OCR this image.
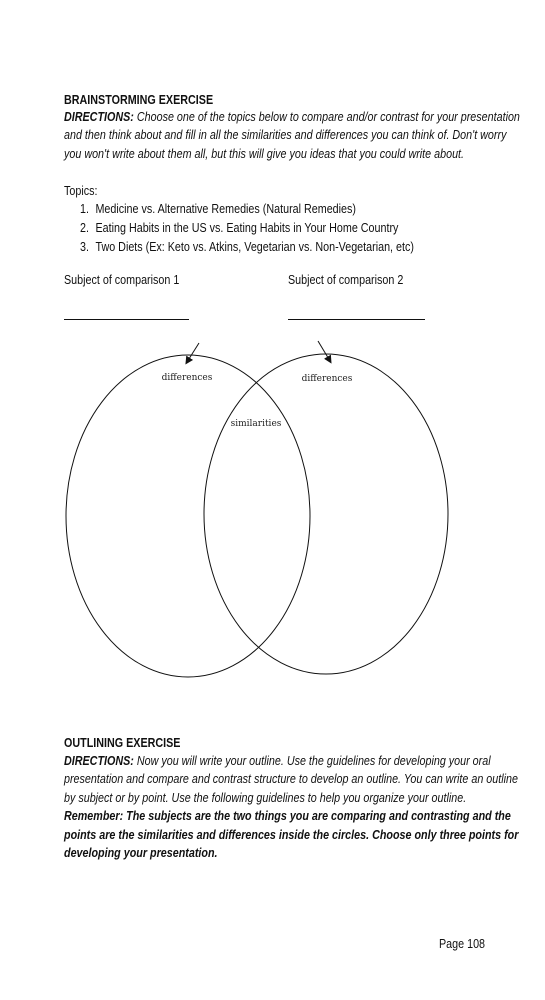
BRAINSTORMING EXERCISE
DIRECTIONS: Choose one of the topics below to compare and/or contrast for your presentation
and then think about and fill in all the similarities and differences you can think of. Don't worry
you won't write about them all, but this will give you ideas that you could write about.
Topics:
1. Medicine vs. Alternative Remedies (Natural Remedies)
2. Eating Habits in the US vs. Eating Habits in Your Home Country
3. Two Diets (Ex: Keto vs. Atkins, Vegetarian vs. Non-Vegetarian, etc)
Subject of comparison 1	Subject of comparison 2
differences	differences
similarities
OUTLINING EXERCISE
DIRECTIONS: Now you will write your outline. Use the guidelines for developing your oral
presentation and compare and contrast structure to develop an outline. You can write an outline
by subject or by point. Use the following guidelines to help you organize your outline.
Remember: The subjects are the two things you are comparing and contrasting and the
points are the similarities and differences inside the circles. Choose only three points for
developing your presentation.
Page 108
